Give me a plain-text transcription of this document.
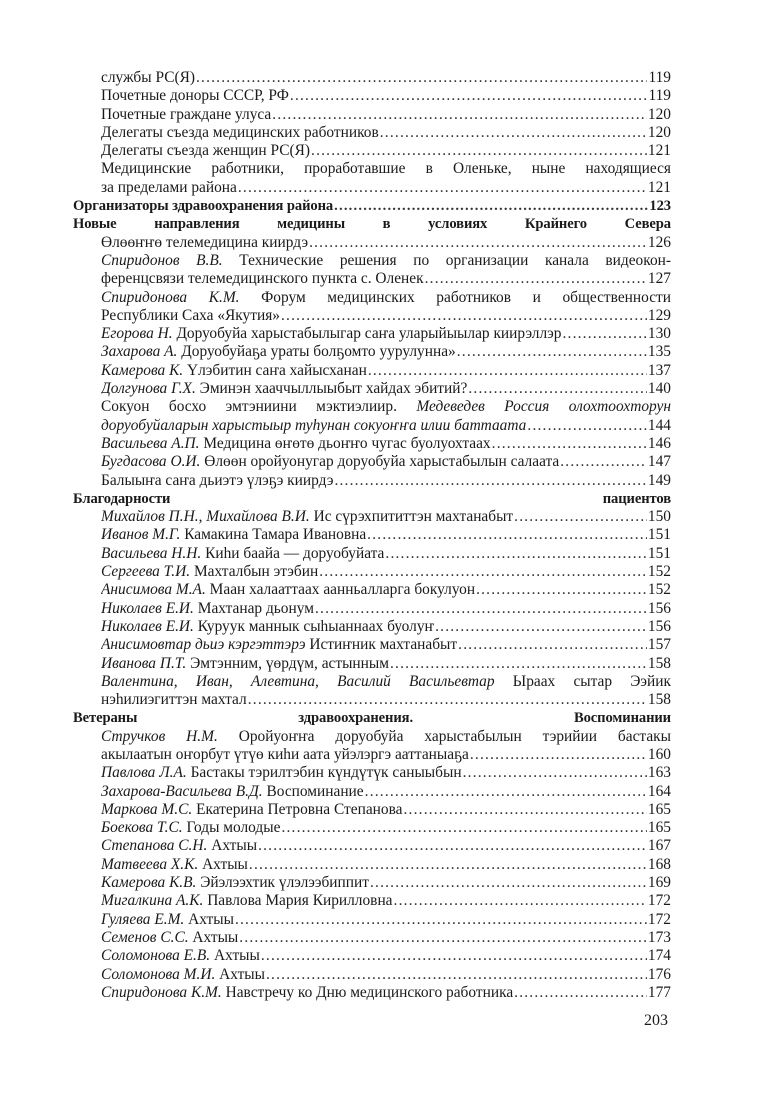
службы РС(Я) .....	119
Почетные доноры СССР, РФ .....	119
Почетные граждане улуса .....	120
Делегаты съезда медицинских работников .....	120
Делегаты съезда женщин РС(Я) .....	121
Медицинские работники, проработавшие в Оленьке, ныне находящиеся
за пределами района .....	121
Организаторы здравоохранения района .....	123
Новые направления медицины в условиях Крайнего Севера
Өлөөҥҥө телемедицина киирдэ .....	126
Спиридонов В.В. Технические решения по организации канала видеокон-
ференцсвязи телемедицинского пункта с. Оленек .....	127
Спиридонова К.М. Форум медицинских работников и общественности
Республики Саха «Якутия» .....	129
Егорова Н. Доруобуйа харыстабылыгар саҥа уларыйыылар киирэллэр .....	130
Захарова А. Доруобуйаҕа ураты болҕомто уурулунна» .....	135
Камерова К. Үлэбитин саҥа хайысханан .....	137
Долгунова Г.Х. Эминэн хааччыллыыбыт хайдах эбитий? .....	140
Сокуон босхо эмтэниини мэктиэлиир. Медеведев Россия олохтоохторун
доруобуйаларын харыстыыр туһунан сокуоҥҥа илии баттаата .....	144
Васильева А.П. Медицина өҥөтө дьоҥҥо чугас буолуохтаах .....	146
Бугдасова О.И. Өлөөн оройуонугар доруобуйа харыстабылын салаата .....	147
Балыыҥа саҥа дьиэтэ үлэҕэ киирдэ .....	149
Благодарности пациентов
Михайлов П.Н., Михайлова В.И. Ис сүрэхпититтэн махтанабыт .....	150
Иванов М.Г. Камакина Тамара Ивановна .....	151
Васильева Н.Н. Киһи баайа — доруобуйата .....	151
Сергеева Т.И. Махталбын этэбин .....	152
Анисимова М.А. Маан халааттаах аанньалларга бокулуон .....	152
Николаев Е.И. Махтанар дьонум .....	156
Николаев Е.И. Куруук маннык сыһыаннаах буолуҥ .....	156
Анисимовтар дьиэ кэргэттэрэ Истиҥник махтанабыт .....	157
Иванова П.Т. Эмтэнним, үөрдүм, астынным .....	158
Валентина, Иван, Алевтина, Василий Васильевтар Ыраах сытар Ээйик
нэһилиэгиттэн махтал .....	158
Ветераны здравоохранения. Воспоминании
Стручков Н.М. Оройуоҥҥа доруобуйа харыстабылын тэрийии бастакы
акылаатын оҥорбут үтүө киһи аата уйэлэргэ ааттаныаҕа .....	160
Павлова Л.А. Бастакы тэрилтэбин күндүтүк саныыбын .....	163
Захарова-Васильева В.Д. Воспоминание .....	164
Маркова М.С. Екатерина Петровна Степанова .....	165
Боекова Т.С. Годы молодые .....	165
Степанова С.Н. Ахтыы .....	167
Матвеева Х.К. Ахтыы .....	168
Камерова К.В. Эйэлээхтик үлэлээбиппит .....	169
Мигалкина А.К. Павлова Мария Кирилловна .....	172
Гуляева Е.М. Ахтыы .....	172
Семенов С.С. Ахтыы .....	173
Соломонова Е.В. Ахтыы .....	174
Соломонова М.И. Ахтыы .....	176
Спиридонова К.М. Навстречу ко Дню медицинского работника .....	177
203
